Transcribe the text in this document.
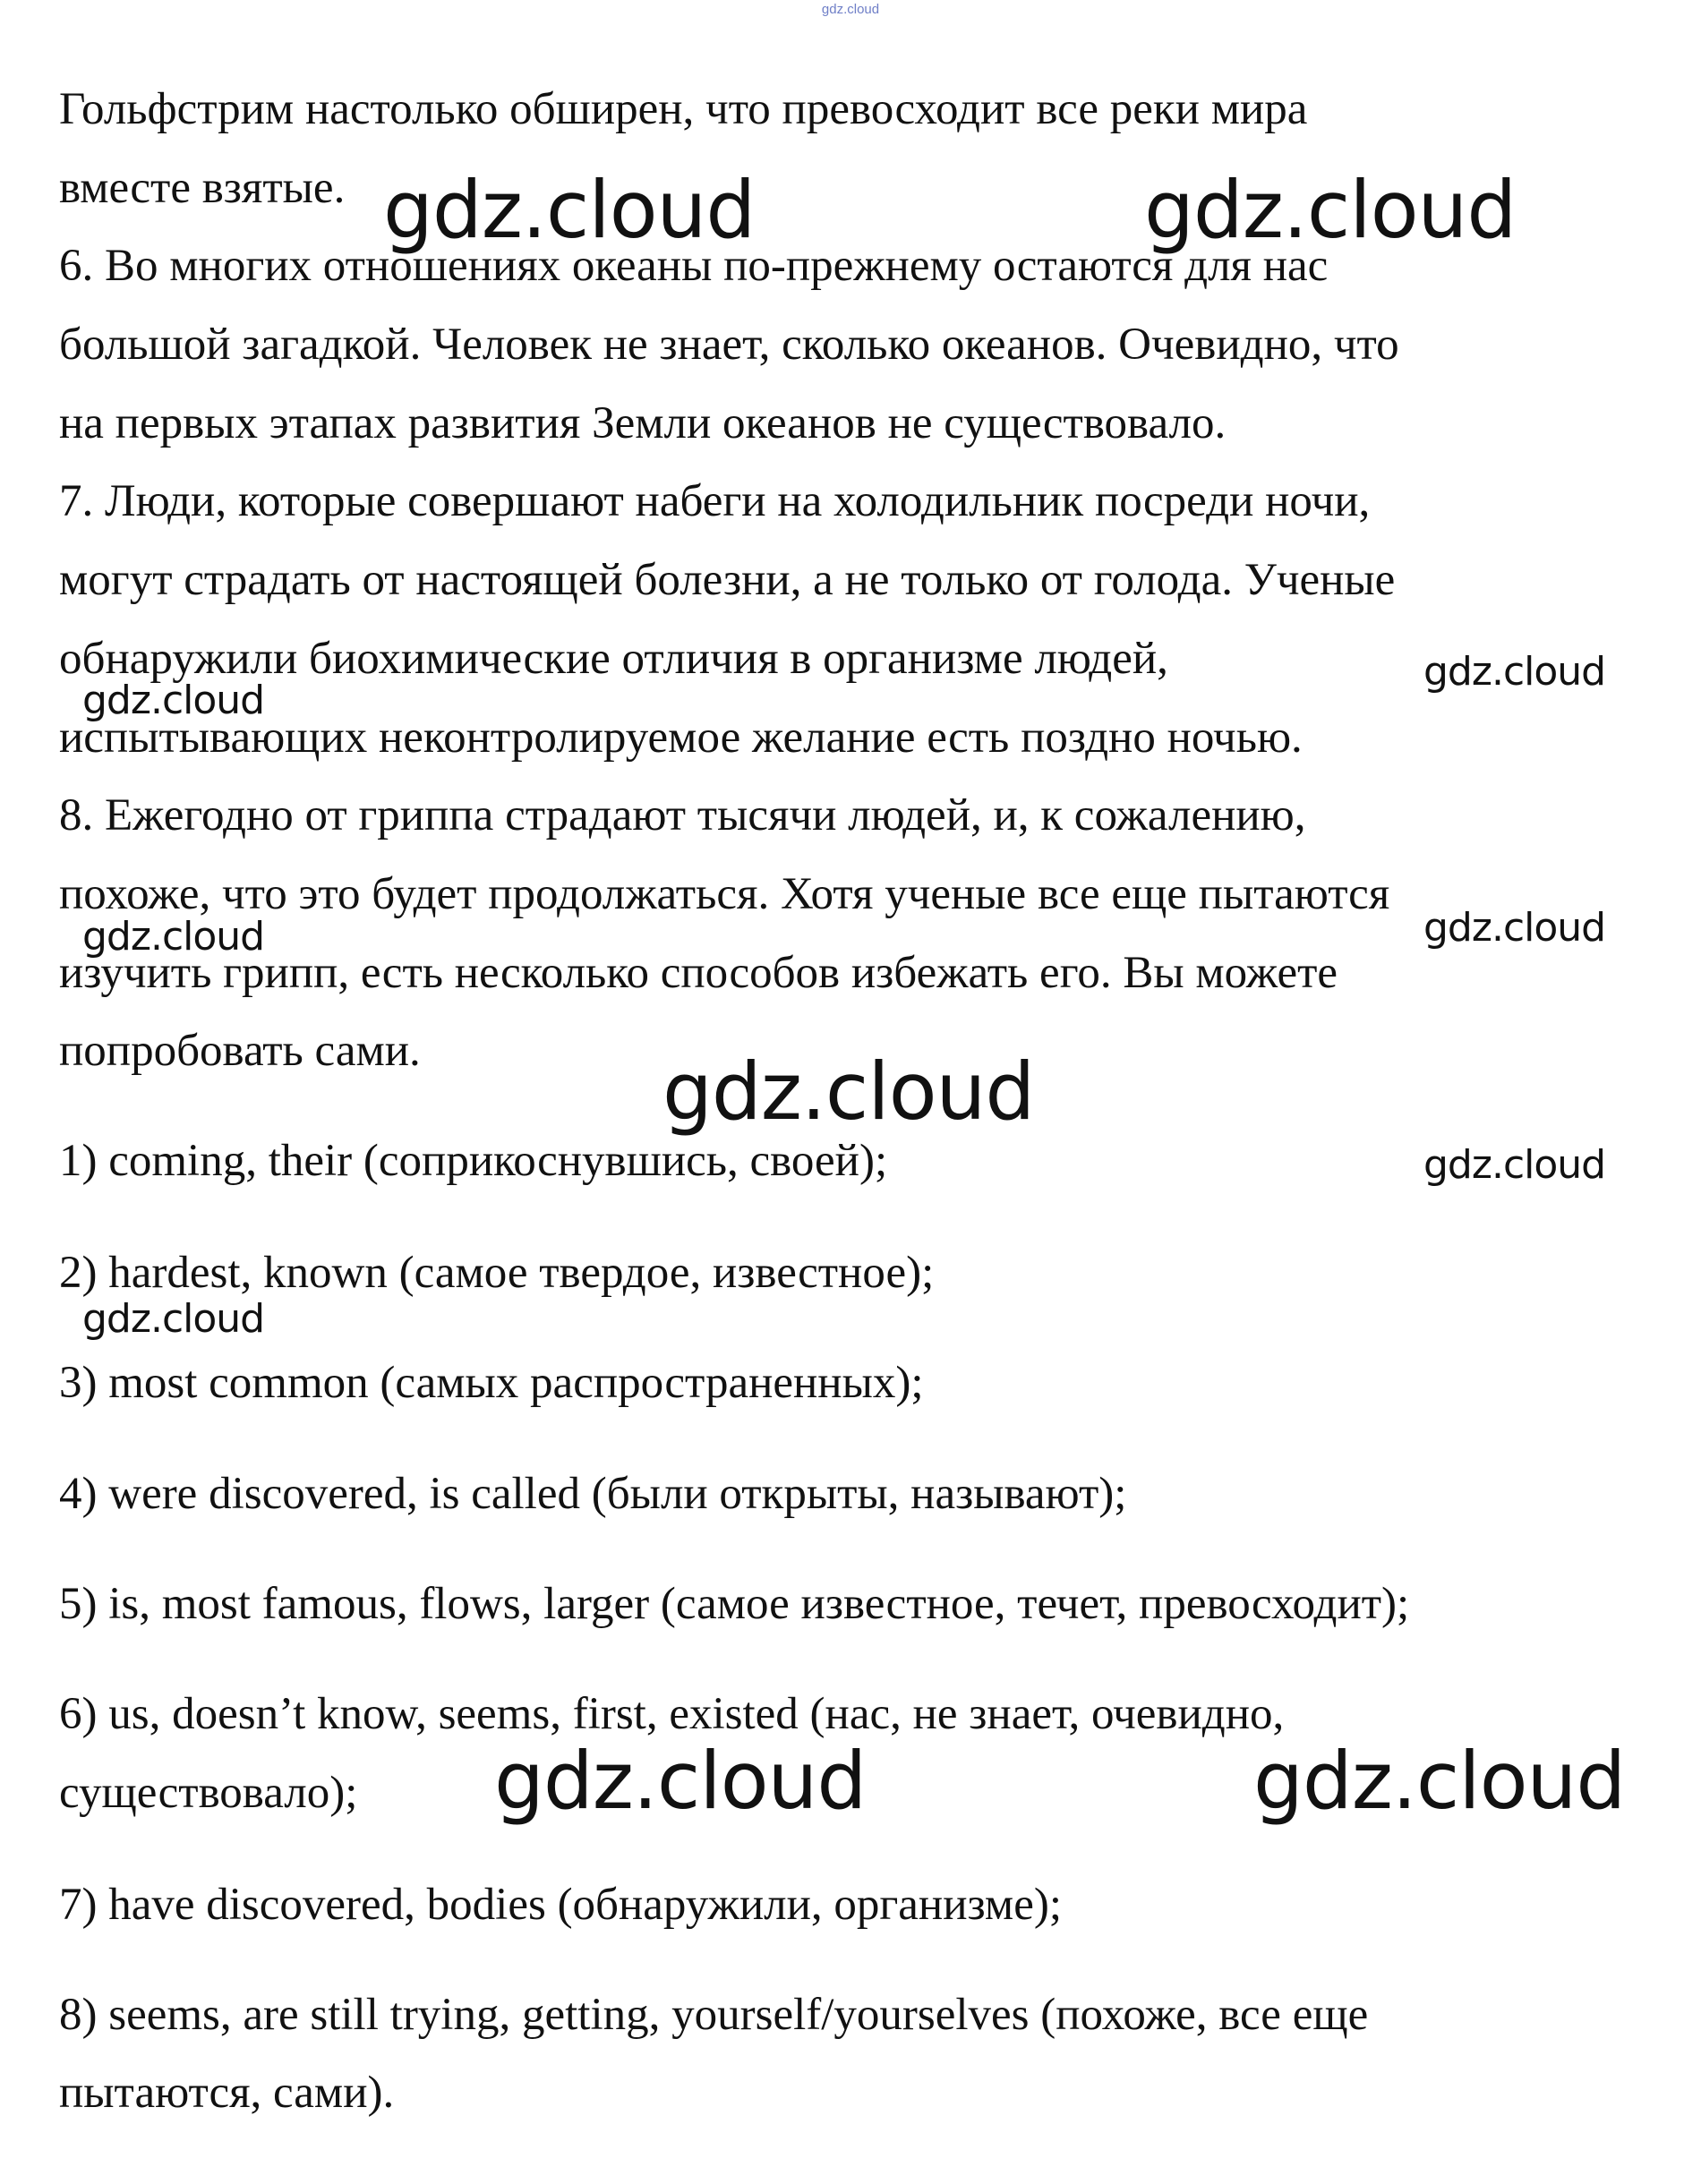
gdz.cloud
Гольфстрим настолько обширен, что превосходит все реки мира
вместе взятые.
6. Во многих отношениях океаны по-прежнему остаются для нас
большой загадкой. Человек не знает, сколько океанов. Очевидно, что
на первых этапах развития Земли океанов не существовало.
7. Люди, которые совершают набеги на холодильник посреди ночи,
могут страдать от настоящей болезни, а не только от голода. Ученые
обнаружили биохимические отличия в организме людей,
испытывающих неконтролируемое желание есть поздно ночью.
8. Ежегодно от гриппа страдают тысячи людей, и, к сожалению,
похоже, что это будет продолжаться. Хотя ученые все еще пытаются
изучить грипп, есть несколько способов избежать его. Вы можете
попробовать сами.
1) coming, their (соприкоснувшись, своей);
2) hardest, known (самое твердое, известное);
3) most common (самых распространенных);
4) were discovered, is called (были открыты, называют);
5) is, most famous, flows, larger (самое известное, течет, превосходит);
6) us, doesn’t know, seems, first, existed (нас, не знает, очевидно,
существовало);
7) have discovered, bodies (обнаружили, организме);
8) seems, are still trying, getting, yourself/yourselves (похоже, все еще
пытаются, сами).
gdz.cloud	gdz.cloud
gdz.cloud
gdz.cloud
gdz.cloud
gdz.cloud
gdz.cloud
gdz.cloud
gdz.cloud
gdz.cloud	gdz.cloud
